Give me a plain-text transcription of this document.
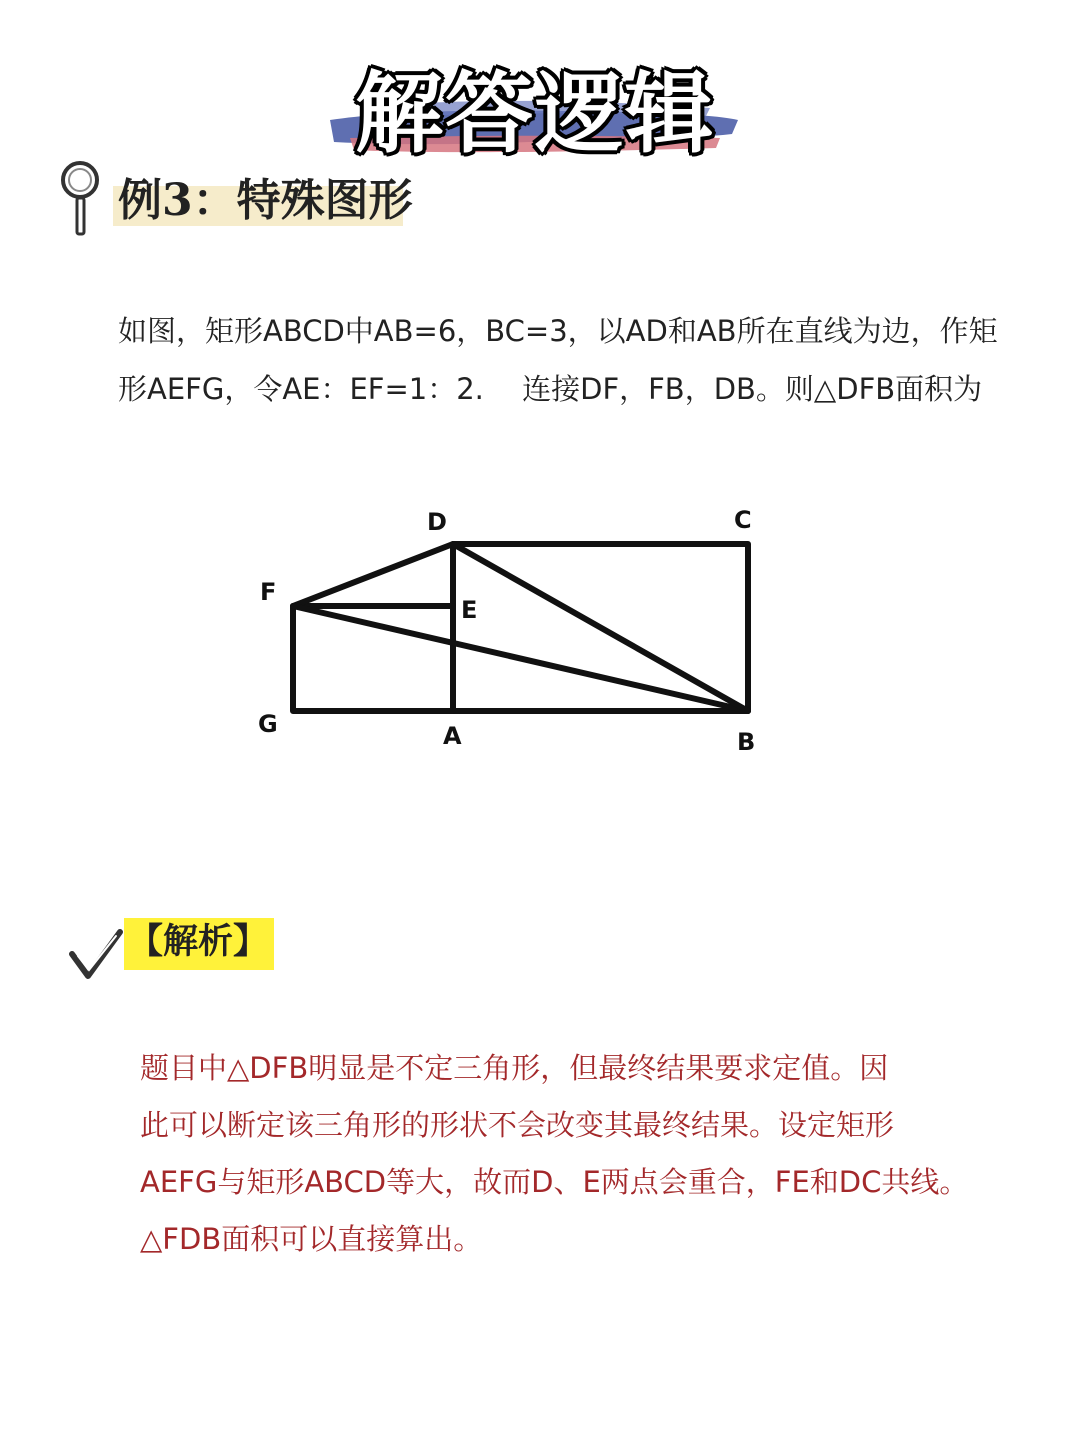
解答逻辑
例3：特殊图形
如图，矩形ABCD中AB=6，BC=3，以AD和AB所在直线为边，作矩
形AEFG，令AE：EF=1：2.　 连接DF，FB，DB。则△DFB面积为
D	C
F
E
G	A	B
【解析】
题目中△DFB明显是不定三角形，但最终结果要求定值。因
此可以断定该三角形的形状不会改变其最终结果。设定矩形
AEFG与矩形ABCD等大，故而D、E两点会重合，FE和DC共线。
△FDB面积可以直接算出。
